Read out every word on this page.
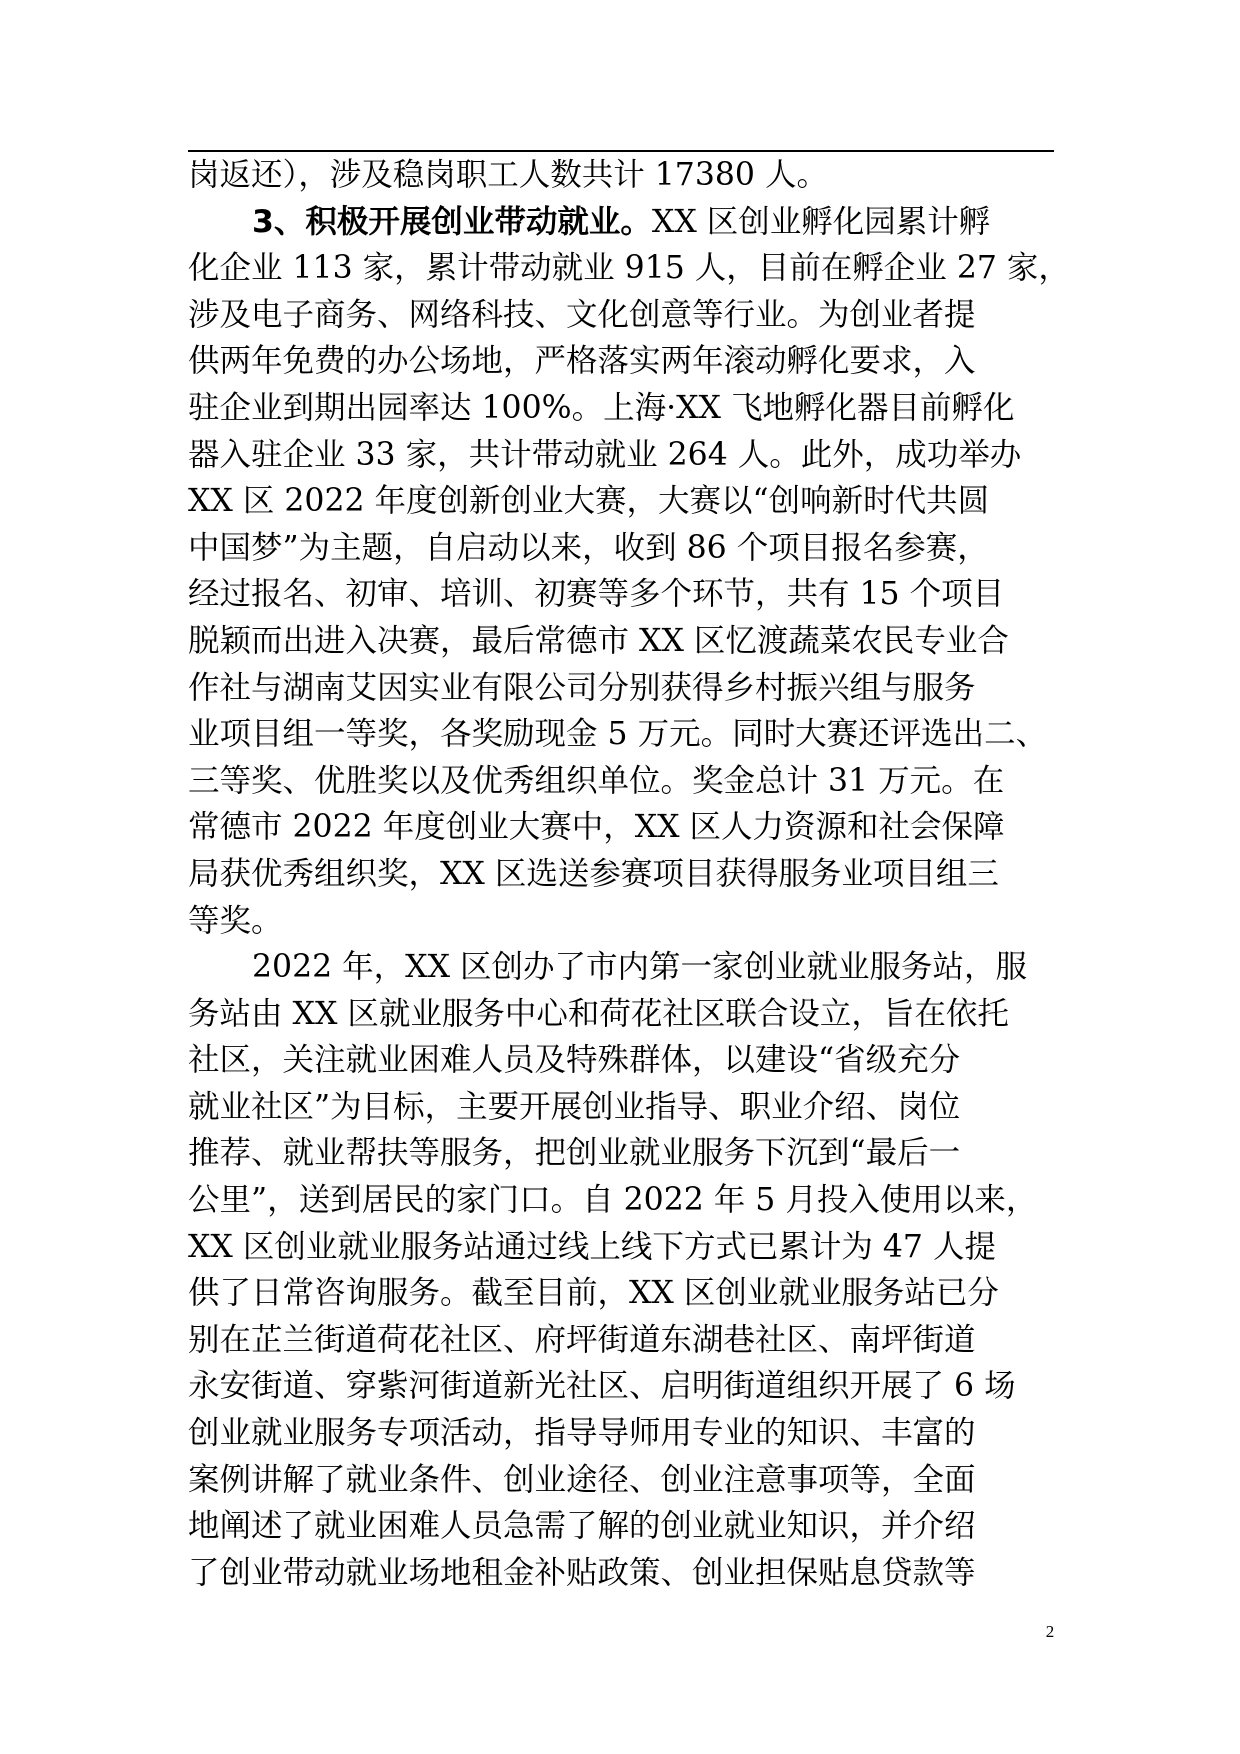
岗返还），涉及稳岗职工人数共计 17380 人。
3、积极开展创业带动就业。XX 区创业孵化园累计孵
化企业 113 家，累计带动就业 915 人，目前在孵企业 27 家，
涉及电子商务、网络科技、文化创意等行业。为创业者提
供两年免费的办公场地，严格落实两年滚动孵化要求，入
驻企业到期出园率达 100%。上海·XX 飞地孵化器目前孵化
器入驻企业 33 家，共计带动就业 264 人。此外，成功举办
XX 区 2022 年度创新创业大赛，大赛以“创响新时代共圆
中国梦”为主题，自启动以来，收到 86 个项目报名参赛，
经过报名、初审、培训、初赛等多个环节，共有 15 个项目
脱颖而出进入决赛，最后常德市 XX 区忆渡蔬菜农民专业合
作社与湖南艾因实业有限公司分别获得乡村振兴组与服务
业项目组一等奖，各奖励现金 5 万元。同时大赛还评选出二、
三等奖、优胜奖以及优秀组织单位。奖金总计 31 万元。在
常德市 2022 年度创业大赛中，XX 区人力资源和社会保障
局获优秀组织奖，XX 区选送参赛项目获得服务业项目组三
等奖。
2022 年，XX 区创办了市内第一家创业就业服务站，服
务站由 XX 区就业服务中心和荷花社区联合设立，旨在依托
社区，关注就业困难人员及特殊群体，以建设“省级充分
就业社区”为目标，主要开展创业指导、职业介绍、岗位
推荐、就业帮扶等服务，把创业就业服务下沉到“最后一
公里”，送到居民的家门口。自 2022 年 5 月投入使用以来，
XX 区创业就业服务站通过线上线下方式已累计为 47 人提
供了日常咨询服务。截至目前，XX 区创业就业服务站已分
别在芷兰街道荷花社区、府坪街道东湖巷社区、南坪街道
永安街道、穿紫河街道新光社区、启明街道组织开展了 6 场
创业就业服务专项活动，指导导师用专业的知识、丰富的
案例讲解了就业条件、创业途径、创业注意事项等，全面
地阐述了就业困难人员急需了解的创业就业知识，并介绍
了创业带动就业场地租金补贴政策、创业担保贴息贷款等
2
